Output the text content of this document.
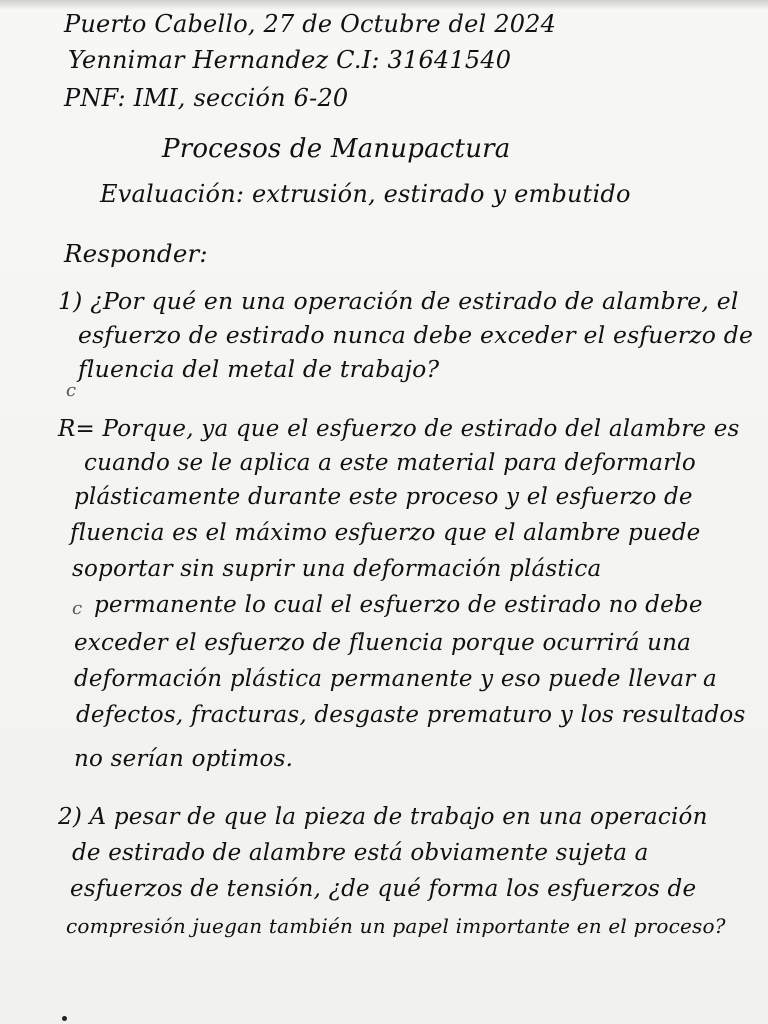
Puerto Cabello, 27 de Octubre del 2024
Yennimar Hernandez C.I: 31641540
PNF: IMI, sección 6-20
Procesos de Manupactura
Evaluación: extrusión, estirado y embutido
Responder:
1) ¿Por qué en una operación de estirado de alambre, el
esfuerzo de estirado nunca debe exceder el esfuerzo de
fluencia del metal de trabajo?
c
R= Porque, ya que el esfuerzo de estirado del alambre es
cuando se le aplica a este material para deformarlo
plásticamente durante este proceso y el esfuerzo de
fluencia es el máximo esfuerzo que el alambre puede
soportar sin suprir una deformación plástica
c permanente lo cual el esfuerzo de estirado no debe
exceder el esfuerzo de fluencia porque ocurrirá una
deformación plástica permanente y eso puede llevar a
defectos, fracturas, desgaste prematuro y los resultados
no serían optimos.
2) A pesar de que la pieza de trabajo en una operación
de estirado de alambre está obviamente sujeta a
esfuerzos de tensión, ¿de qué forma los esfuerzos de
compresión juegan también un papel importante en el proceso?
